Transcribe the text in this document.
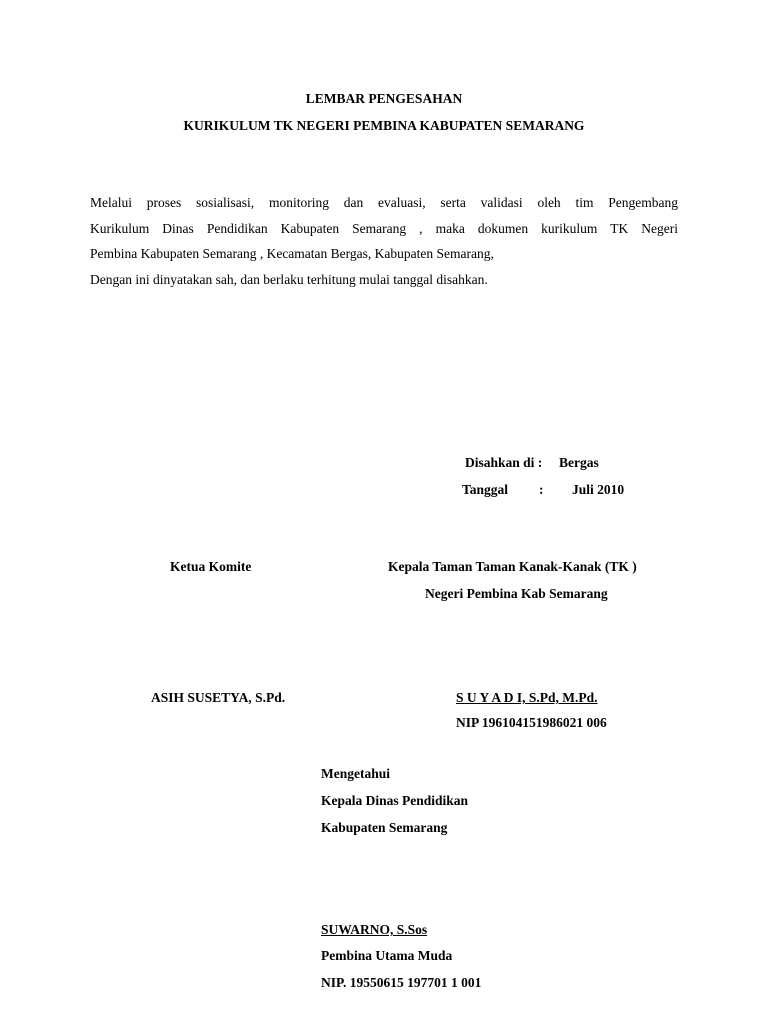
LEMBAR PENGESAHAN

KURIKULUM TK NEGERI PEMBINA KABUPATEN SEMARANG

Melalui proses sosialisasi, monitoring dan evaluasi, serta validasi oleh tim Pengembang
Kurikulum Dinas Pendidikan Kabupaten Semarang , maka dokumen kurikulum TK Negeri
Pembina Kabupaten Semarang , Kecamatan Bergas, Kabupaten Semarang,
Dengan ini dinyatakan sah, dan berlaku terhitung mulai tanggal disahkan.
Disahkan di : Bergas
Tanggal : Juli 2010

Ketua Komite	Kepala Taman Taman Kanak-Kanak (TK )

Negeri Pembina Kab Semarang

ASIH SUSETYA, S.Pd.	S U Y A D I, S.Pd, M.Pd.

NIP 196104151986021 006

Mengetahui

Kepala Dinas Pendidikan

Kabupaten Semarang

SUWARNO, S.Sos

Pembina Utama Muda

NIP. 19550615 197701 1 001
